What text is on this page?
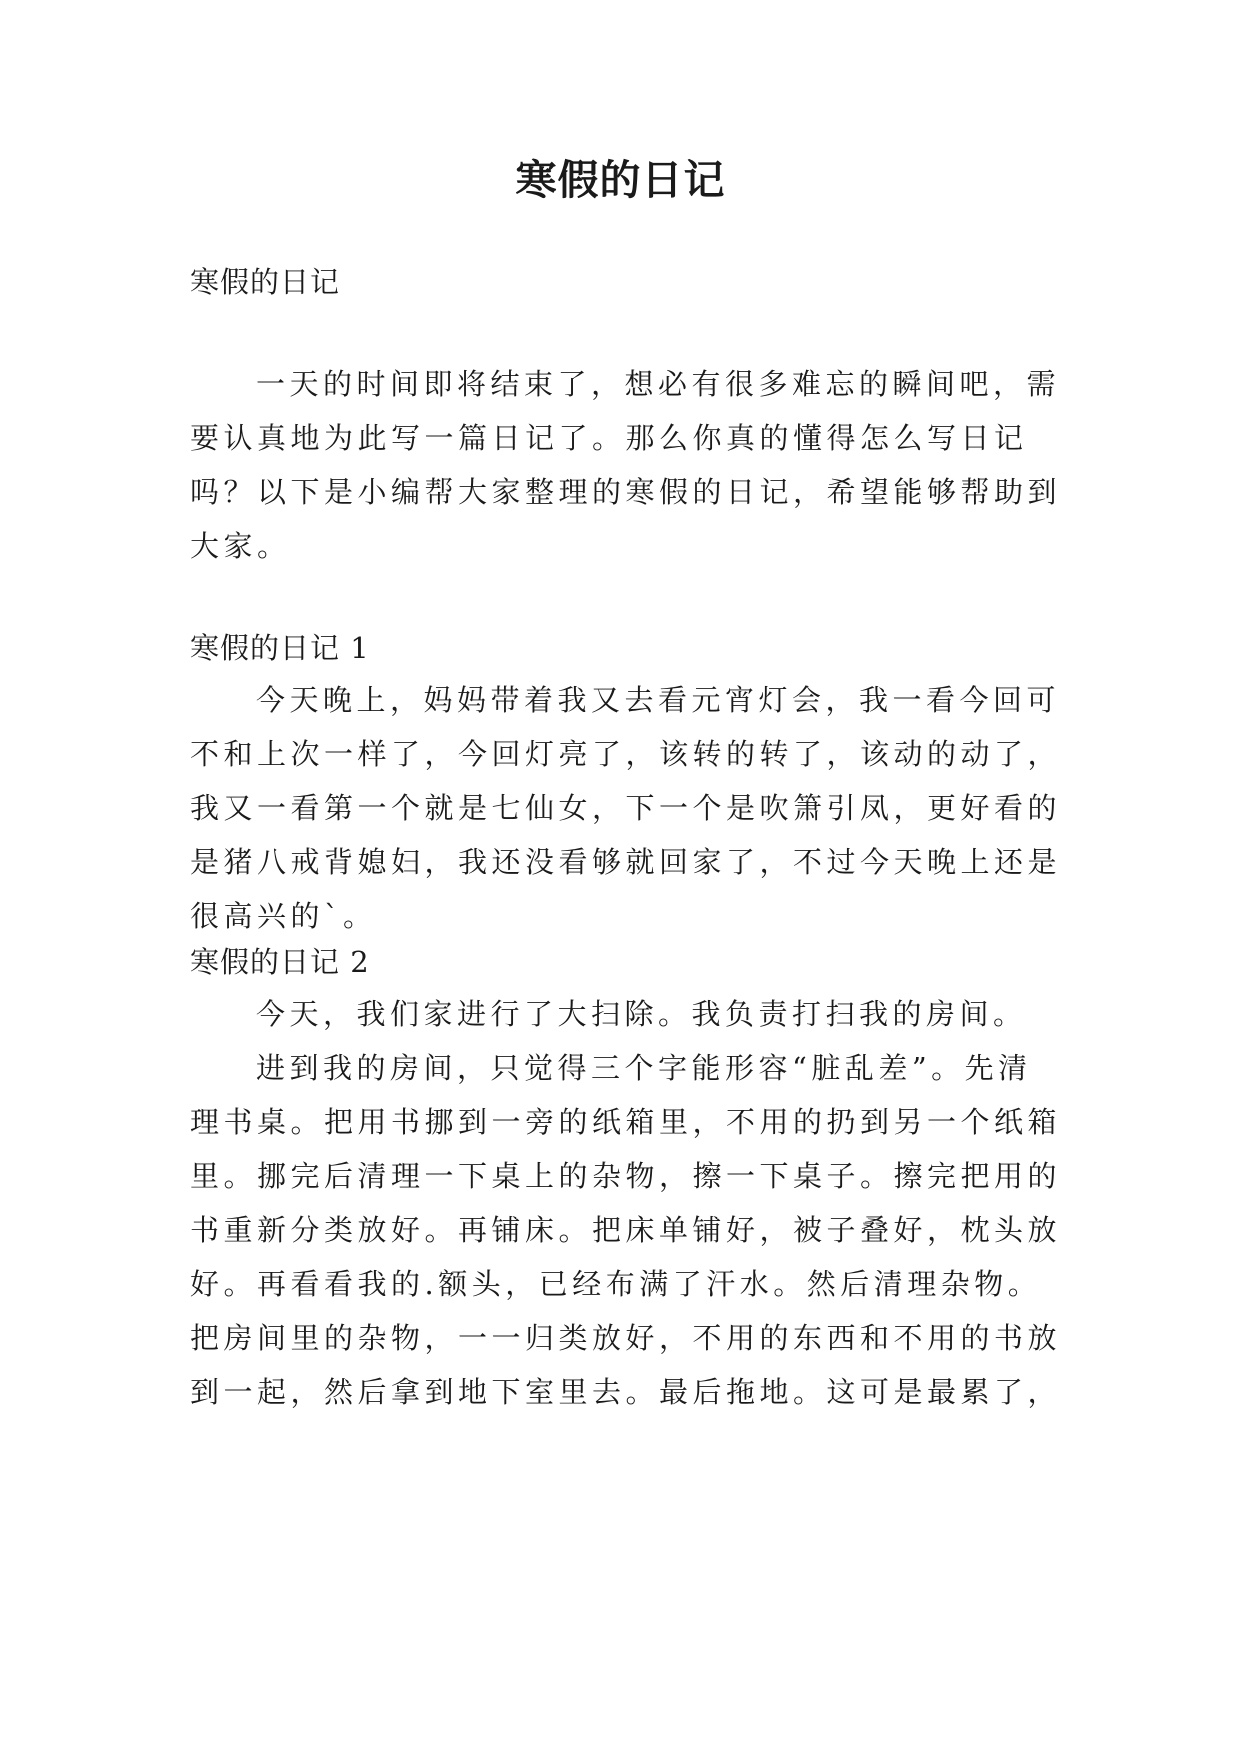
寒假的日记
寒假的日记
一天的时间即将结束了，想必有很多难忘的瞬间吧，需
要认真地为此写一篇日记了。那么你真的懂得怎么写日记
吗？以下是小编帮大家整理的寒假的日记，希望能够帮助到
大家。
寒假的日记 1
今天晚上，妈妈带着我又去看元宵灯会，我一看今回可
不和上次一样了，今回灯亮了，该转的转了，该动的动了，
我又一看第一个就是七仙女，下一个是吹箫引凤，更好看的
是猪八戒背媳妇，我还没看够就回家了，不过今天晚上还是
很高兴的`。
寒假的日记 2
今天，我们家进行了大扫除。我负责打扫我的房间。
进到我的房间，只觉得三个字能形容“脏乱差”。先清
理书桌。把用书挪到一旁的纸箱里，不用的扔到另一个纸箱
里。挪完后清理一下桌上的杂物，擦一下桌子。擦完把用的
书重新分类放好。再铺床。把床单铺好，被子叠好，枕头放
好。再看看我的.额头，已经布满了汗水。然后清理杂物。
把房间里的杂物，一一归类放好，不用的东西和不用的书放
到一起，然后拿到地下室里去。最后拖地。这可是最累了，
